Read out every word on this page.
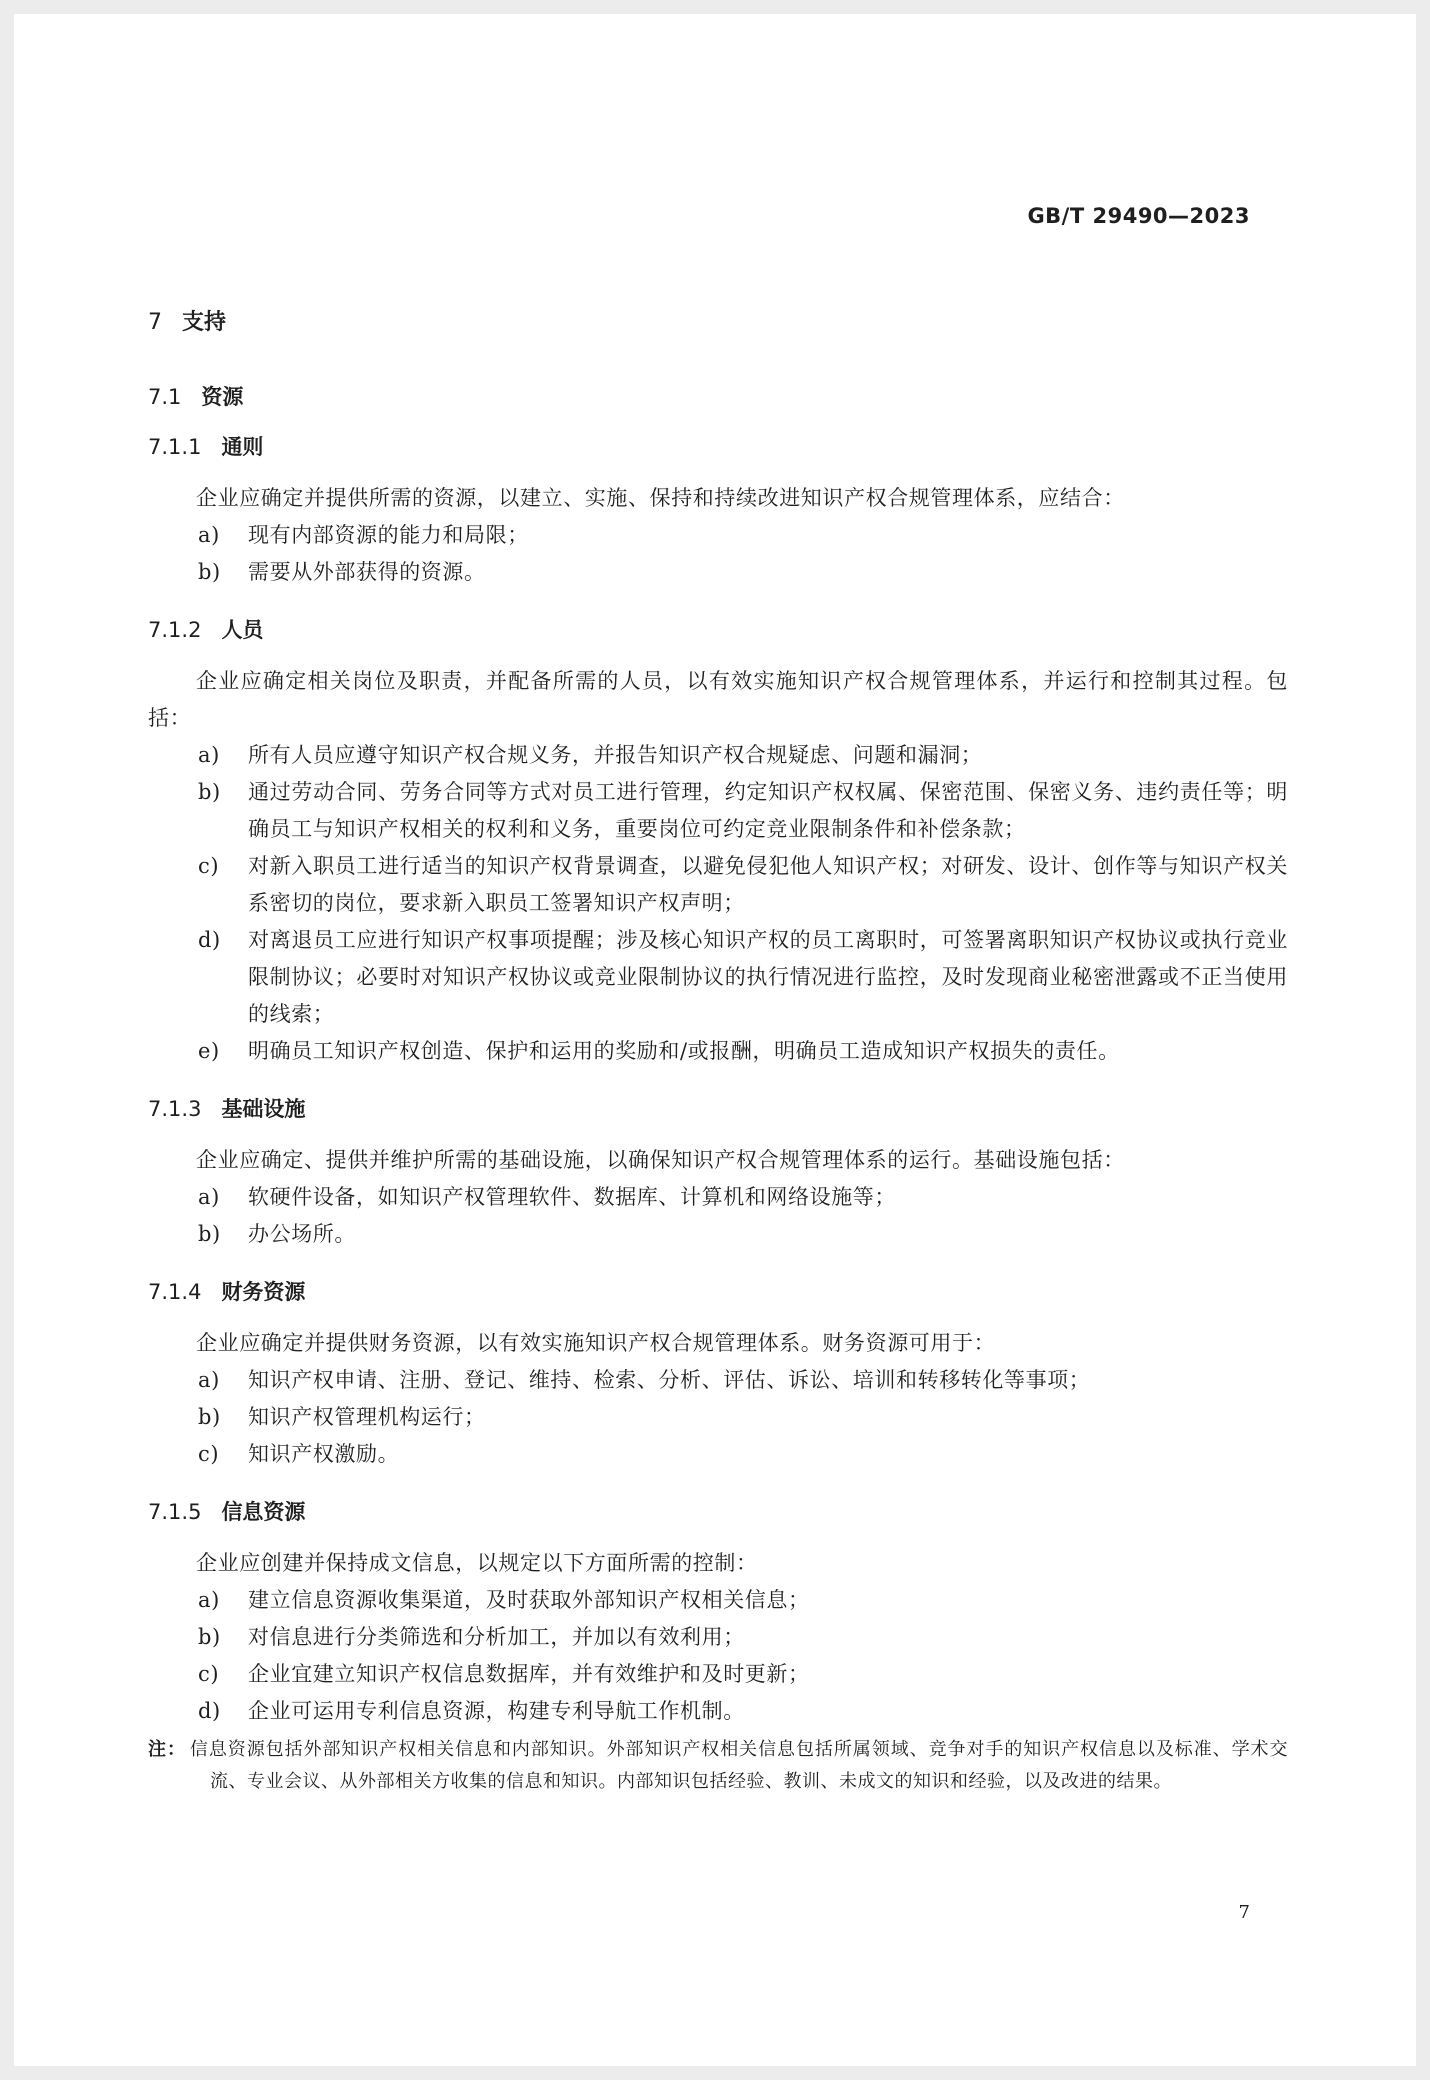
GB/T 29490—2023
7 支持
7.1 资源
7.1.1 通则

企业应确定并提供所需的资源，以建立、实施、保持和持续改进知识产权合规管理体系，应结合：

a) 现有内部资源的能力和局限；

b) 需要从外部获得的资源。

7.1.2 人员

企业应确定相关岗位及职责，并配备所需的人员，以有效实施知识产权合规管理体系，并运行和控制其过程。包括：

a) 所有人员应遵守知识产权合规义务，并报告知识产权合规疑虑、问题和漏洞；

b) 通过劳动合同、劳务合同等方式对员工进行管理，约定知识产权权属、保密范围、保密义务、违约责任等；明确员工与知识产权相关的权利和义务，重要岗位可约定竞业限制条件和补偿条款；

c) 对新入职员工进行适当的知识产权背景调查，以避免侵犯他人知识产权；对研发、设计、创作等与知识产权关系密切的岗位，要求新入职员工签署知识产权声明；

d) 对离退员工应进行知识产权事项提醒；涉及核心知识产权的员工离职时，可签署离职知识产权协议或执行竞业限制协议；必要时对知识产权协议或竞业限制协议的执行情况进行监控，及时发现商业秘密泄露或不正当使用的线索；

e) 明确员工知识产权创造、保护和运用的奖励和/或报酬，明确员工造成知识产权损失的责任。

7.1.3 基础设施

企业应确定、提供并维护所需的基础设施，以确保知识产权合规管理体系的运行。基础设施包括：

a) 软硬件设备，如知识产权管理软件、数据库、计算机和网络设施等；

b) 办公场所。

7.1.4 财务资源

企业应确定并提供财务资源，以有效实施知识产权合规管理体系。财务资源可用于：

a) 知识产权申请、注册、登记、维持、检索、分析、评估、诉讼、培训和转移转化等事项；

b) 知识产权管理机构运行；

c) 知识产权激励。

7.1.5 信息资源

企业应创建并保持成文信息，以规定以下方面所需的控制：

a) 建立信息资源收集渠道，及时获取外部知识产权相关信息；

b) 对信息进行分类筛选和分析加工，并加以有效利用；

c) 企业宜建立知识产权信息数据库，并有效维护和及时更新；

d) 企业可运用专利信息资源，构建专利导航工作机制。

注： 信息资源包括外部知识产权相关信息和内部知识。外部知识产权相关信息包括所属领域、竞争对手的知识产权信息以及标准、学术交流、专业会议、从外部相关方收集的信息和知识。内部知识包括经验、教训、未成文的知识和经验，以及改进的结果。

7
